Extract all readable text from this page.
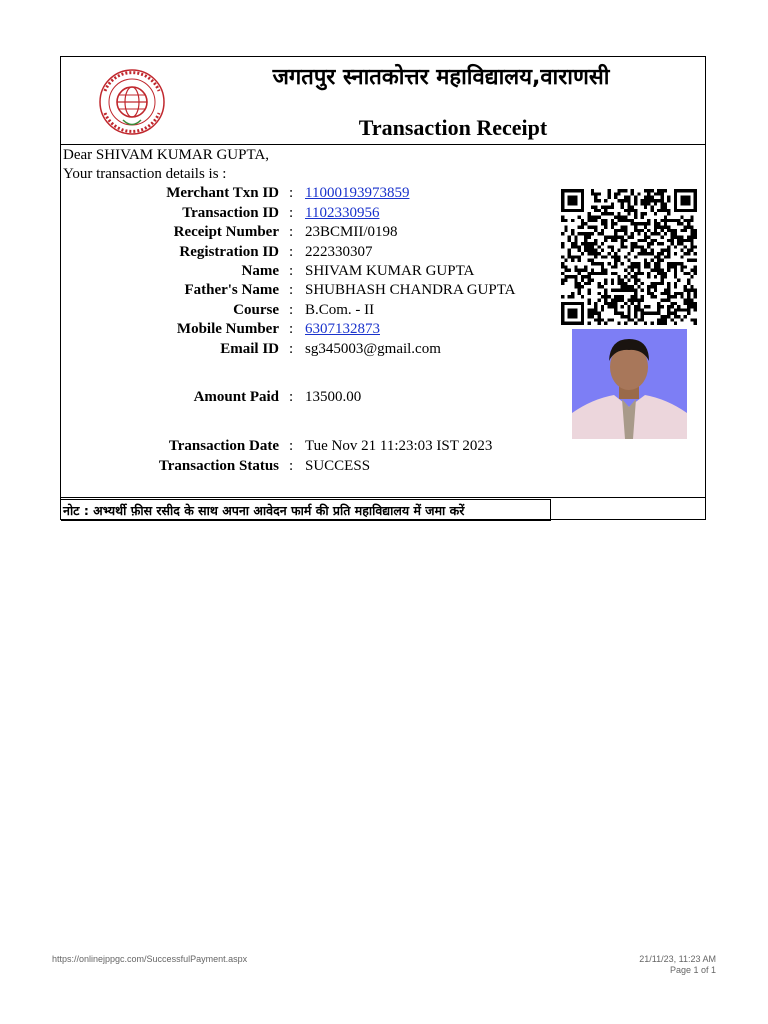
जगतपुर स्नातकोत्तर महाविद्यालय,वाराणसी
Transaction Receipt
Dear SHIVAM KUMAR GUPTA,
Your transaction details is :
Merchant Txn ID : 11000193973859
Transaction ID : 1102330956
Receipt Number : 23BCMII/0198
Registration ID : 222330307
Name : SHIVAM KUMAR GUPTA
Father's Name : SHUBHASH CHANDRA GUPTA
Course : B.Com. - II
Mobile Number : 6307132873
Email ID : sg345003@gmail.com
Amount Paid : 13500.00
Transaction Date : Tue Nov 21 11:23:03 IST 2023
Transaction Status : SUCCESS
नोट : अभ्यर्थी फ़ीस रसीद के साथ अपना आवेदन फार्म की प्रति महाविद्यालय में जमा करें
https://onlinejppgc.com/SuccessfulPayment.aspx	21/11/23, 11:23 AM
Page 1 of 1
